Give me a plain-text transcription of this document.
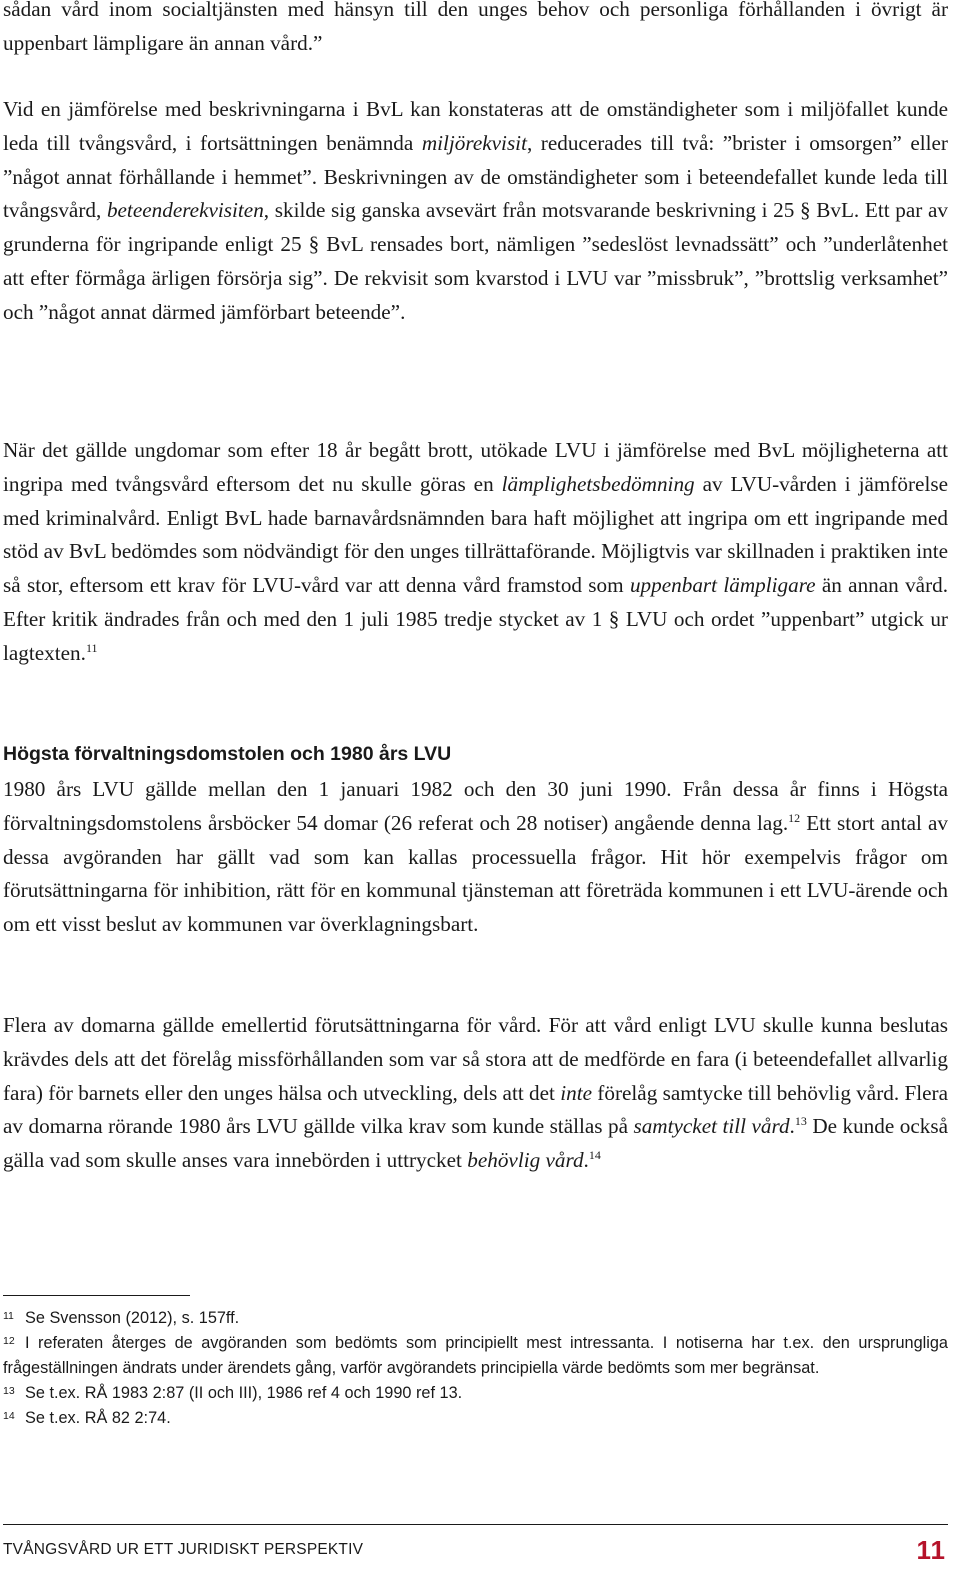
sådan vård inom socialtjänsten med hänsyn till den unges behov och personliga förhållanden i övrigt är uppenbart lämpligare än annan vård.”

Vid en jämförelse med beskrivningarna i BvL kan konstateras att de omständigheter som i miljöfallet kunde leda till tvångsvård, i fortsättningen benämnda miljörekvisit, reducerades till två: ”brister i omsorgen” eller ”något annat förhållande i hemmet”. Beskrivningen av de omständigheter som i beteendefallet kunde leda till tvångsvård, beteenderekvisiten, skilde sig ganska avsevärt från motsvarande beskrivning i 25 § BvL. Ett par av grunderna för ingripande enligt 25 § BvL rensades bort, nämligen ”sedeslöst levnadssätt” och ”underlåtenhet att efter förmåga ärligen försörja sig”. De rekvisit som kvarstod i LVU var ”missbruk”, ”brottslig verksamhet” och ”något annat därmed jämförbart beteende”.

När det gällde ungdomar som efter 18 år begått brott, utökade LVU i jämförelse med BvL möjligheterna att ingripa med tvångsvård eftersom det nu skulle göras en lämplighetsbedömning av LVU-vården i jämförelse med kriminalvård. Enligt BvL hade barnavårdsnämnden bara haft möjlighet att ingripa om ett ingripande med stöd av BvL bedömdes som nödvändigt för den unges tillrättaförande. Möjligtvis var skillnaden i praktiken inte så stor, eftersom ett krav för LVU-vård var att denna vård framstod som uppenbart lämpligare än annan vård. Efter kritik ändrades från och med den 1 juli 1985 tredje stycket av 1 § LVU och ordet ”uppenbart” utgick ur lagtexten.$^{11}$

Högsta förvaltningsdomstolen och 1980 års LVU

1980 års LVU gällde mellan den 1 januari 1982 och den 30 juni 1990. Från dessa år finns i Högsta förvaltningsdomstolens årsböcker 54 domar (26 referat och 28 notiser) angående denna lag.$^{12}$ Ett stort antal av dessa avgöranden har gällt vad som kan kallas processuella frågor. Hit hör exempelvis frågor om förutsättningarna för inhibition, rätt för en kommunal tjänsteman att företräda kommunen i ett LVU-ärende och om ett visst beslut av kommunen var överklagningsbart.

Flera av domarna gällde emellertid förutsättningarna för vård. För att vård enligt LVU skulle kunna beslutas krävdes dels att det förelåg missförhållanden som var så stora att de medförde en fara (i beteendefallet allvarlig fara) för barnets eller den unges hälsa och utveckling, dels att det inte förelåg samtycke till behövlig vård. Flera av domarna rörande 1980 års LVU gällde vilka krav som kunde ställas på samtycket till vård.$^{13}$ De kunde också gälla vad som skulle anses vara innebörden i uttrycket behövlig vård.$^{14}$

11 Se Svensson (2012), s. 157ff.

12 I referaten återges de avgöranden som bedömts som principiellt mest intressanta. I notiserna har t.ex. den ursprungliga frågeställningen ändrats under ärendets gång, varför avgörandets principiella värde bedömts som mer begränsat.

13 Se t.ex. RÅ 1983 2:87 (II och III), 1986 ref 4 och 1990 ref 13.

14 Se t.ex. RÅ 82 2:74.

TVÅNGSVÅRD UR ETT JURIDISKT PERSPEKTIV	11
